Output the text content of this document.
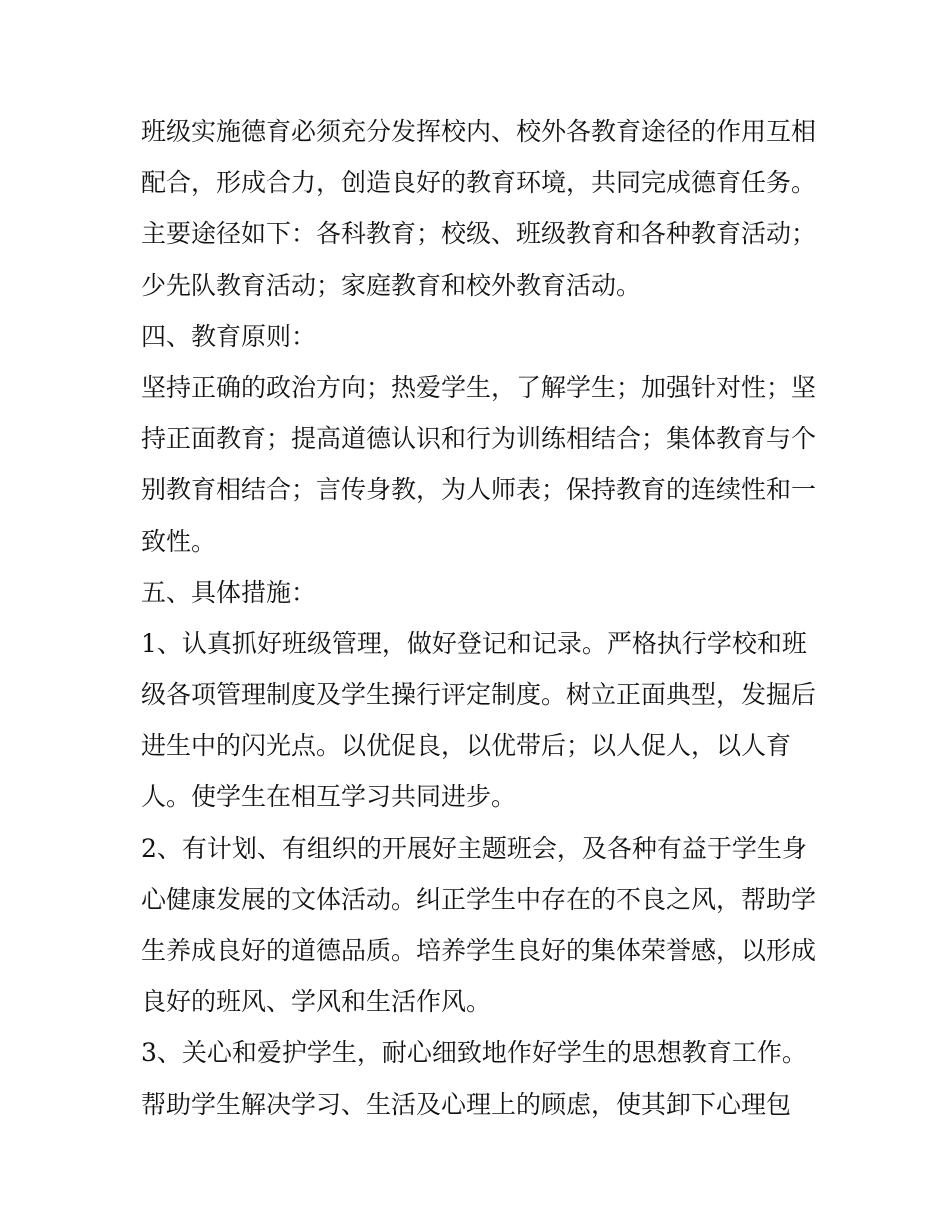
班级实施德育必须充分发挥校内、校外各教育途径的作用互相
配合，形成合力，创造良好的教育环境，共同完成德育任务。
主要途径如下：各科教育；校级、班级教育和各种教育活动；
少先队教育活动；家庭教育和校外教育活动。
四、教育原则：
坚持正确的政治方向；热爱学生，了解学生；加强针对性；坚
持正面教育；提高道德认识和行为训练相结合；集体教育与个
别教育相结合；言传身教，为人师表；保持教育的连续性和一
致性。
五、具体措施：
1、认真抓好班级管理，做好登记和记录。严格执行学校和班
级各项管理制度及学生操行评定制度。树立正面典型，发掘后
进生中的闪光点。以优促良，以优带后；以人促人，以人育
人。使学生在相互学习共同进步。
2、有计划、有组织的开展好主题班会，及各种有益于学生身
心健康发展的文体活动。纠正学生中存在的不良之风，帮助学
生养成良好的道德品质。培养学生良好的集体荣誉感，以形成
良好的班风、学风和生活作风。
3、关心和爱护学生，耐心细致地作好学生的思想教育工作。
帮助学生解决学习、生活及心理上的顾虑，使其卸下心理包
